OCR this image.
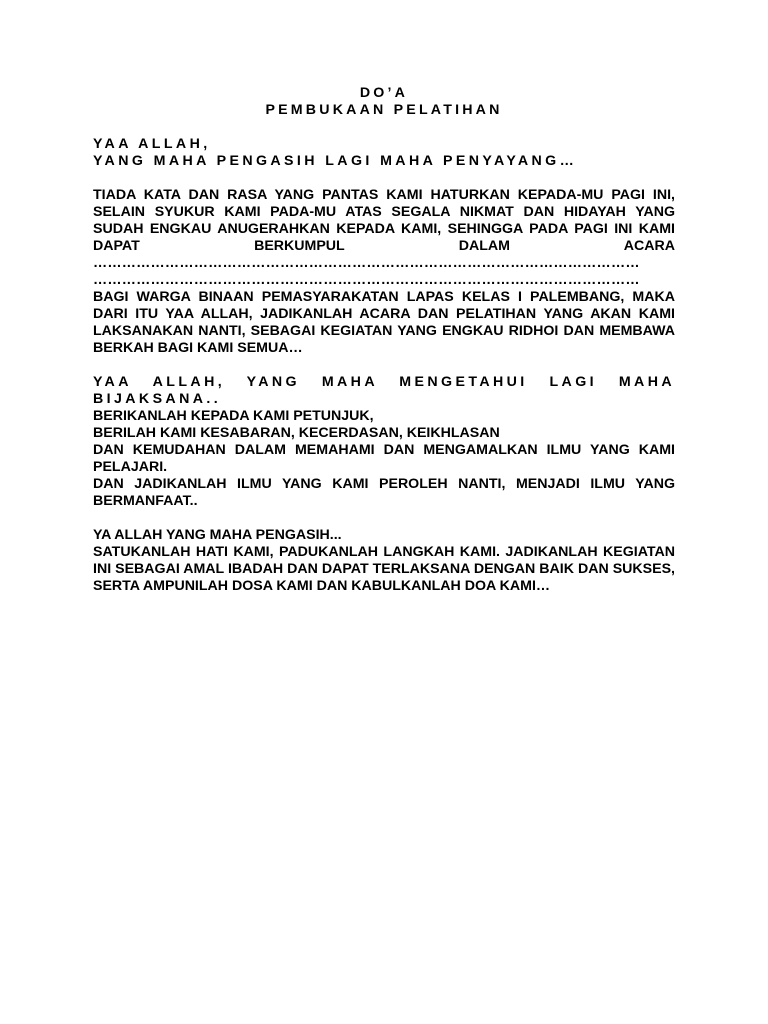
DO’A

PEMBUKAAN PELATIHAN

YAA ALLAH,

YANG MAHA PENGASIH LAGI MAHA PENYAYANG…

TIADA KATA DAN RASA YANG PANTAS KAMI HATURKAN KEPADA-MU PAGI INI, SELAIN SYUKUR KAMI PADA-MU ATAS SEGALA NIKMAT DAN HIDAYAH YANG SUDAH ENGKAU ANUGERAHKAN KEPADA KAMI, SEHINGGA PADA PAGI INI KAMI DAPAT BERKUMPUL DALAM ACARA

……………………………………………………………………………………………………
……………………………………………………………………………………………………

BAGI WARGA BINAAN PEMASYARAKATAN LAPAS KELAS I PALEMBANG, MAKA DARI ITU YAA ALLAH, JADIKANLAH ACARA DAN PELATIHAN YANG AKAN KAMI LAKSANAKAN NANTI, SEBAGAI KEGIATAN YANG ENGKAU RIDHOI DAN MEMBAWA BERKAH BAGI KAMI SEMUA…

YAA ALLAH, YANG MAHA MENGETAHUI LAGI MAHA

BIJAKSANA..

BERIKANLAH KEPADA KAMI PETUNJUK,
BERILAH KAMI KESABARAN, KECERDASAN, KEIKHLASAN

DAN KEMUDAHAN DALAM MEMAHAMI DAN MENGAMALKAN ILMU YANG KAMI PELAJARI.

DAN JADIKANLAH ILMU YANG KAMI PEROLEH NANTI, MENJADI ILMU YANG BERMANFAAT..

YA ALLAH YANG MAHA PENGASIH...

SATUKANLAH HATI KAMI, PADUKANLAH LANGKAH KAMI. JADIKANLAH KEGIATAN INI SEBAGAI AMAL IBADAH DAN DAPAT TERLAKSANA DENGAN BAIK DAN SUKSES, SERTA AMPUNILAH DOSA KAMI DAN KABULKANLAH DOA KAMI…
